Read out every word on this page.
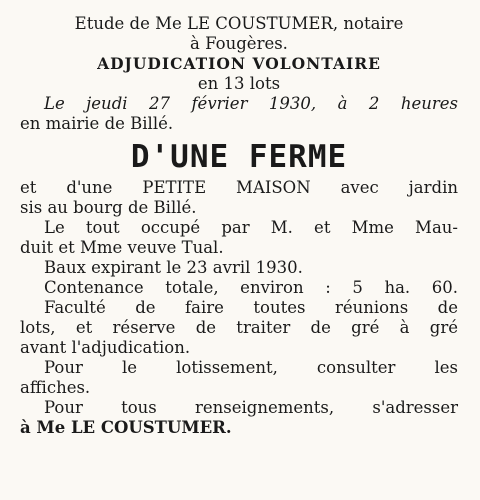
Etude de Me LE COUSTUMER, notaire
à Fougères.
ADJUDICATION VOLONTAIRE
en 13 lots
Le jeudi 27 février 1930, à 2 heures
en mairie de Billé.
D'UNE FERME
et d'une PETITE MAISON avec jardin
sis au bourg de Billé.
Le tout occupé par M. et Mme Mau-
duit et Mme veuve Tual.
Baux expirant le 23 avril 1930.
Contenance totale, environ : 5 ha. 60.
Faculté de faire toutes réunions de
lots, et réserve de traiter de gré à gré
avant l'adjudication.
Pour le lotissement, consulter les
affiches.
Pour tous renseignements, s'adresser
à Me LE COUSTUMER.
